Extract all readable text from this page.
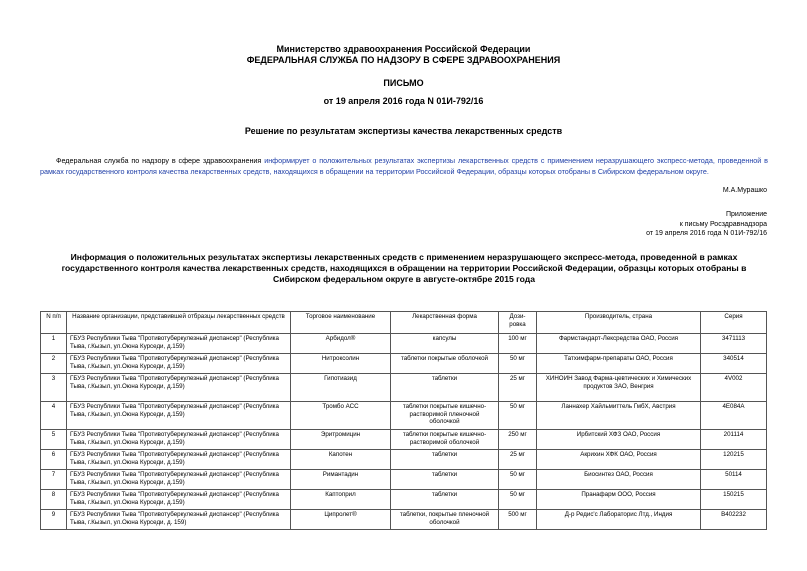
Министерство здравоохранения Российской Федерации
ФЕДЕРАЛЬНАЯ СЛУЖБА ПО НАДЗОРУ В СФЕРЕ ЗДРАВООХРАНЕНИЯ
ПИСЬМО
от 19 апреля 2016 года N 01И-792/16
Решение по результатам экспертизы качества лекарственных средств
Федеральная служба по надзору в сфере здравоохранения информирует о положительных результатах экспертизы лекарственных средств с применением неразрушающего экспресс-метода, проведенной в рамках государственного контроля качества лекарственных средств, находящихся в обращении на территории Российской Федерации, образцы которых отобраны в Сибирском федеральном округе.
М.А.Мурашко
Приложение
к письму Росздравнадзора
от 19 апреля 2016 года N 01И-792/16
Информация о положительных результатах экспертизы лекарственных средств с применением неразрушающего экспресс-метода, проведенной в рамках государственного контроля качества лекарственных средств, находящихся в обращении на территории Российской Федерации, образцы которых отобраны в Сибирском федеральном округе в августе-октябре 2015 года
N п/п	Название организации, представившей отбразцы лекарственных средств	Торговое наименование	Лекарственная форма	Дози-ровка	Производитель, страна	Серия
1	ГБУЗ Республики Тыва "Противотуберкулезный диспансер" (Республика Тыва, г.Кызыл, ул.Оюна Курседи, д.159)	Арбидол®	капсулы	100 мг	Фармстандарт-Лексредства ОАО, Россия	3471113
2	ГБУЗ Республики Тыва "Противотуберкулезный диспансер" (Республика Тыва, г.Кызыл, ул.Оюна Курседи, д.159)	Нитроксолин	таблетки покрытые оболочкой	50 мг	Татхимфарм-препараты ОАО, Россия	340514
3	ГБУЗ Республики Тыва "Противотуберкулезный диспансер" (Республика Тыва, г.Кызыл, ул.Оюна Курседи, д.159)	Гипотиазид	таблетки	25 мг	ХИНОИН Завод Фарма-цевтических и Химических продуктов ЗАО, Венгрия	4V002
4	ГБУЗ Республики Тыва "Противотуберкулезный диспансер" (Республика Тыва, г.Кызыл, ул.Оюна Курседи, д.159)	Тромбо АСС	таблетки покрытые кишечно-растворимой пленочной оболочкой	50 мг	Ланнахер Хайльмиттель ГмбХ, Австрия	4E084A
5	ГБУЗ Республики Тыва "Противотуберкулезный диспансер" (Республика Тыва, г.Кызыл, ул.Оюна Курседи, д.159)	Эритромицин	таблетки покрытые кишечно-растворимой оболочкой	250 мг	Ирбитский ХФЗ ОАО, Россия	201114
6	ГБУЗ Республики Тыва "Противотуберкулезный диспансер" (Республика Тыва, г.Кызыл, ул.Оюна Курседи, д.159)	Капотен	таблетки	25 мг	Акрихин ХФК ОАО, Россия	120215
7	ГБУЗ Республики Тыва "Противотуберкулезный диспансер" (Республика Тыва, г.Кызыл, ул.Оюна Курседи, д.159)	Римантадин	таблетки	50 мг	Биосинтез ОАО, Россия	50114
8	ГБУЗ Республики Тыва "Противотуберкулезный диспансер" (Республика Тыва, г.Кызыл, ул.Оюна Курседи, д.159)	Каптоприл	таблетки	50 мг	Пранафарм ООО, Россия	150215
9	ГБУЗ Республики Тыва "Противотуберкулезный диспансер" (Республика Тыва, г.Кызыл, ул.Оюна Курседи, д. 159)	Ципролет®	таблетки, покрытые пленочной оболочкой	500 мг	Д-р Редис'с Лабораторис Лтд., Индия	B402232
